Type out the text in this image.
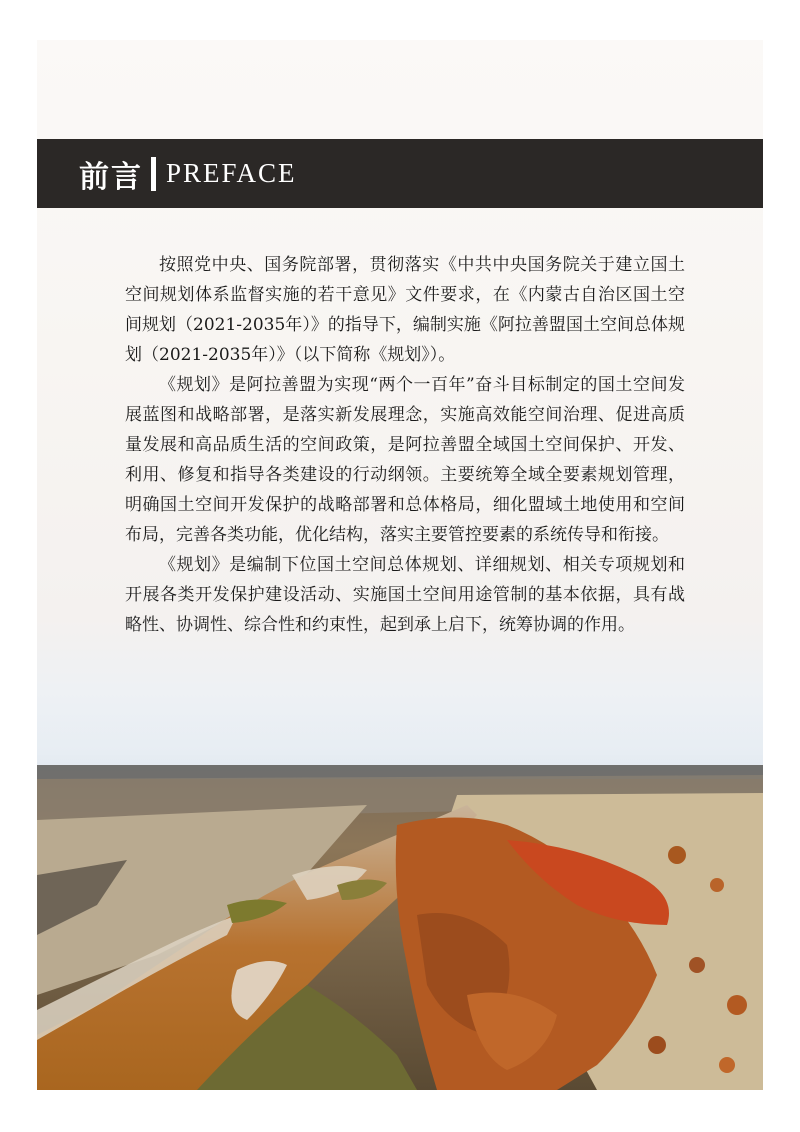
前言 PREFACE

按照党中央、国务院部署，贯彻落实《中共中央国务院关于建立国土空间规划体系监督实施的若干意见》文件要求，在《内蒙古自治区国土空间规划（2021-2035年）》的指导下，编制实施《阿拉善盟国土空间总体规划（2021-2035年）》（以下简称《规划》）。

《规划》是阿拉善盟为实现“两个一百年”奋斗目标制定的国土空间发展蓝图和战略部署，是落实新发展理念，实施高效能空间治理、促进高质量发展和高品质生活的空间政策，是阿拉善盟全域国土空间保护、开发、利用、修复和指导各类建设的行动纲领。主要统筹全域全要素规划管理，明确国土空间开发保护的战略部署和总体格局，细化盟域土地使用和空间布局，完善各类功能，优化结构，落实主要管控要素的系统传导和衔接。

《规划》是编制下位国土空间总体规划、详细规划、相关专项规划和开展各类开发保护建设活动、实施国土空间用途管制的基本依据，具有战略性、协调性、综合性和约束性，起到承上启下，统筹协调的作用。
